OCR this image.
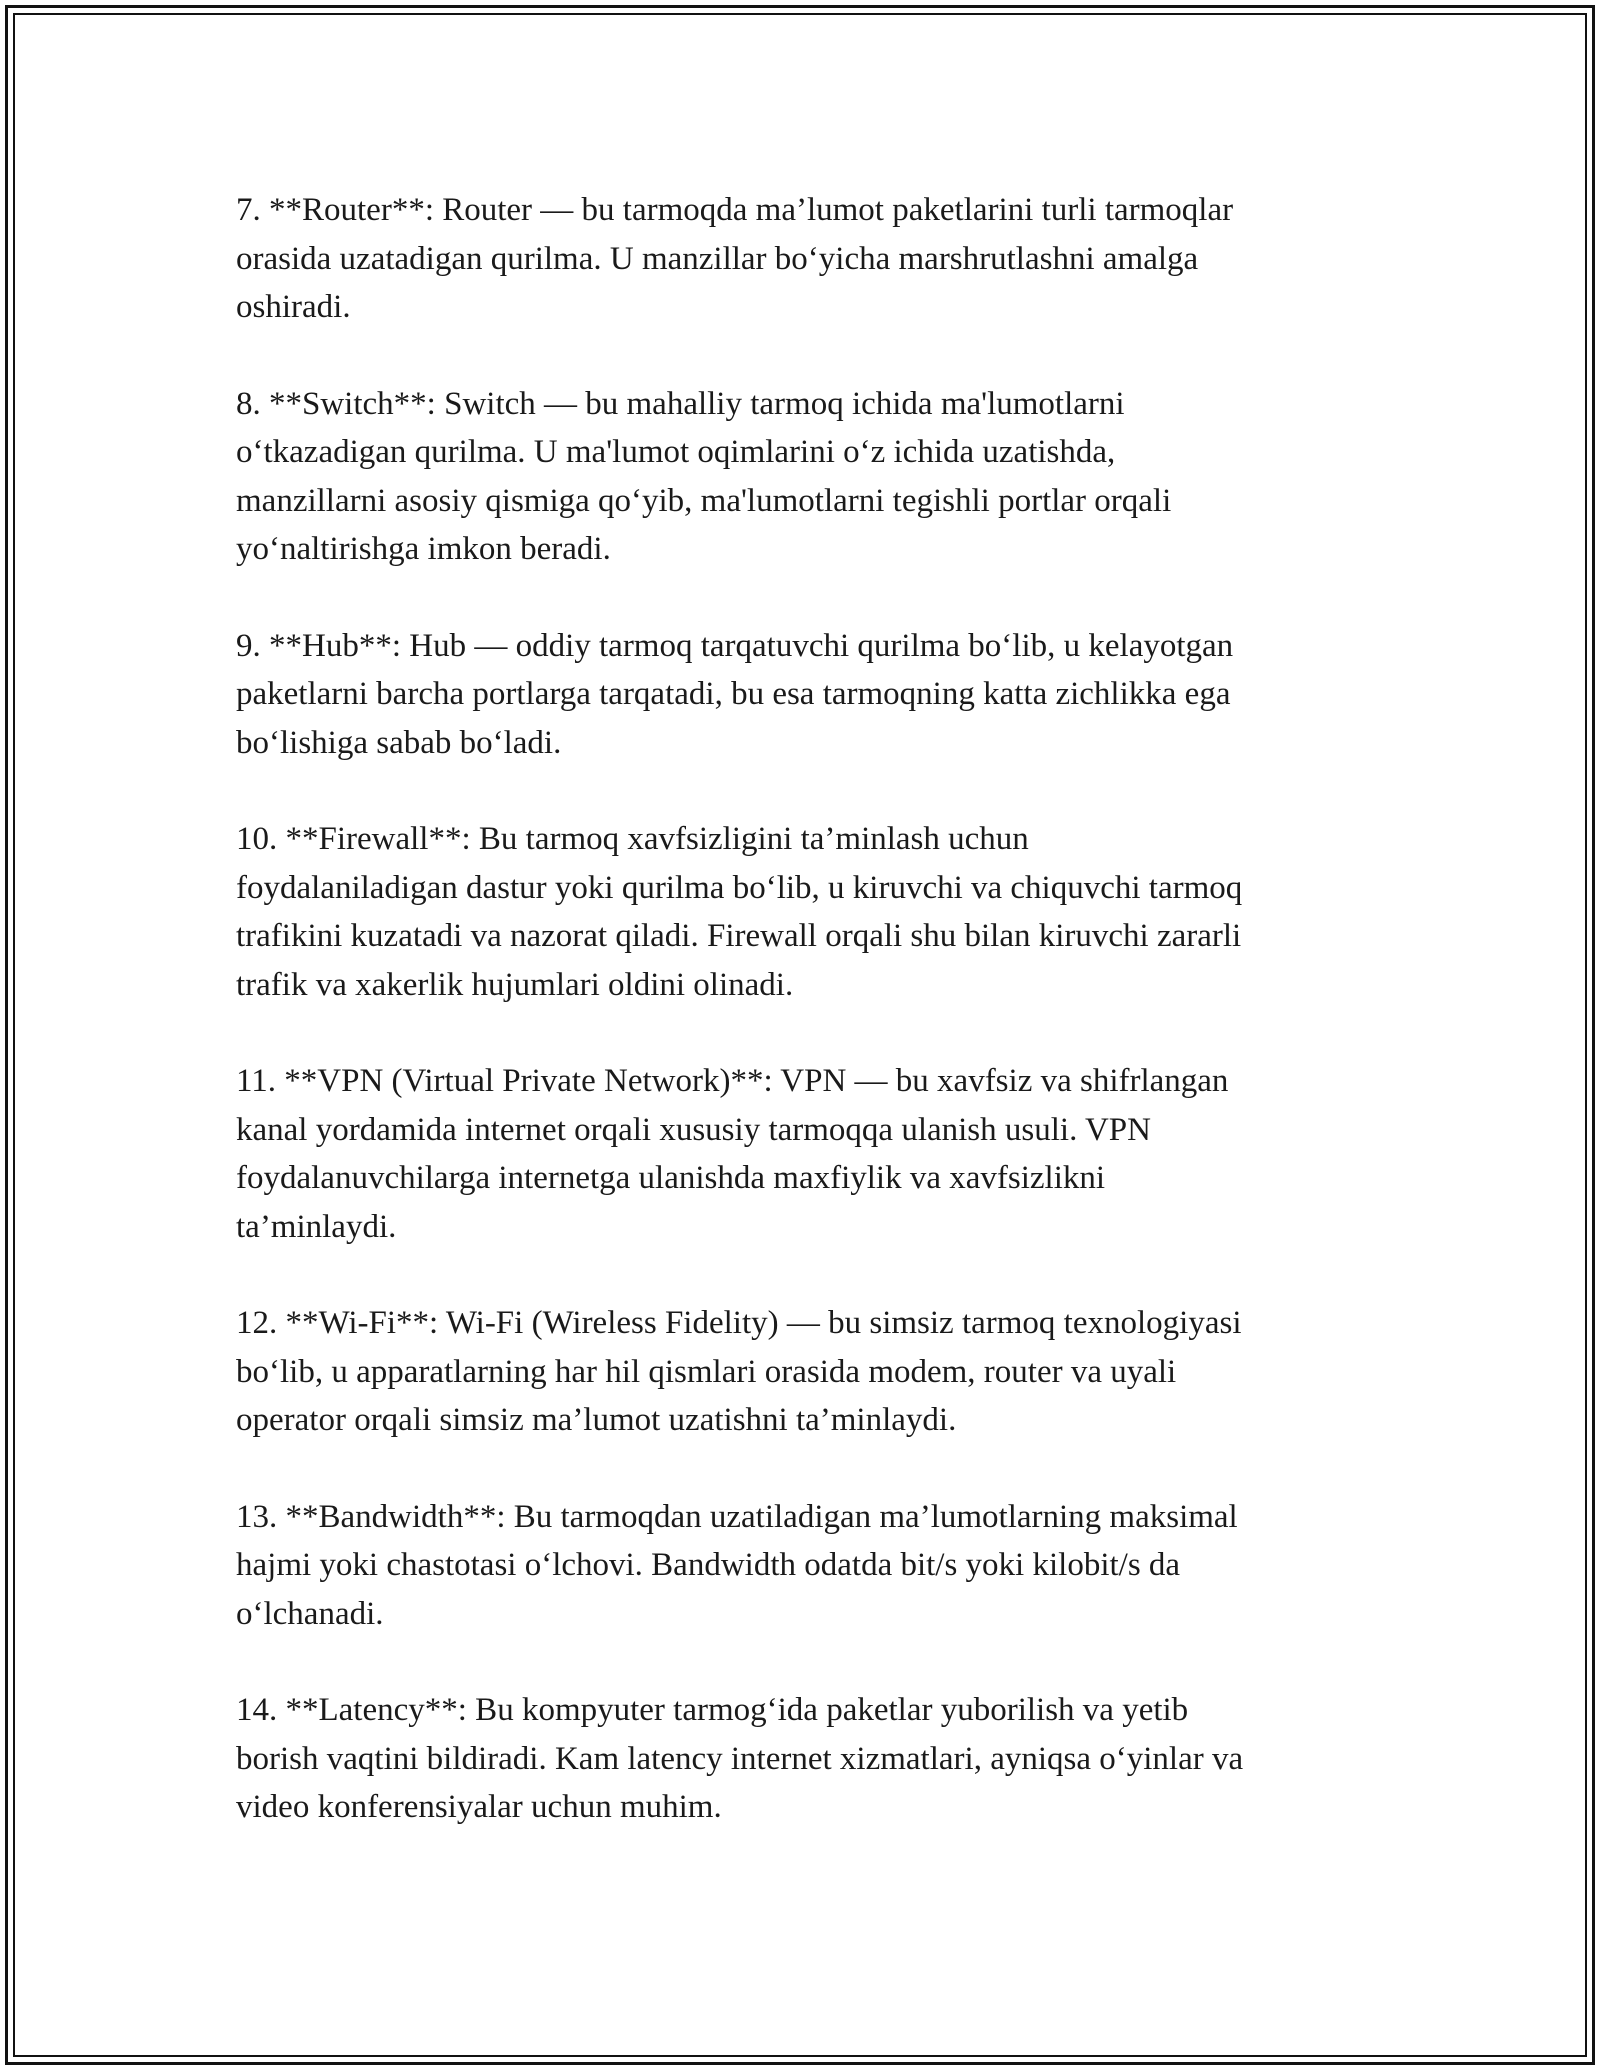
7. **Router**: Router — bu tarmoqda ma’lumot paketlarini turli tarmoqlar
orasida uzatadigan qurilma. U manzillar bo‘yicha marshrutlashni amalga
oshiradi.

8. **Switch**: Switch — bu mahalliy tarmoq ichida ma'lumotlarni
o‘tkazadigan qurilma. U ma'lumot oqimlarini o‘z ichida uzatishda,
manzillarni asosiy qismiga qo‘yib, ma'lumotlarni tegishli portlar orqali
yo‘naltirishga imkon beradi.

9. **Hub**: Hub — oddiy tarmoq tarqatuvchi qurilma bo‘lib, u kelayotgan
paketlarni barcha portlarga tarqatadi, bu esa tarmoqning katta zichlikka ega
bo‘lishiga sabab bo‘ladi.

10. **Firewall**: Bu tarmoq xavfsizligini ta’minlash uchun
foydalaniladigan dastur yoki qurilma bo‘lib, u kiruvchi va chiquvchi tarmoq
trafikini kuzatadi va nazorat qiladi. Firewall orqali shu bilan kiruvchi zararli
trafik va xakerlik hujumlari oldini olinadi.

11. **VPN (Virtual Private Network)**: VPN — bu xavfsiz va shifrlangan
kanal yordamida internet orqali xususiy tarmoqqa ulanish usuli. VPN
foydalanuvchilarga internetga ulanishda maxfiylik va xavfsizlikni
ta’minlaydi.

12. **Wi-Fi**: Wi-Fi (Wireless Fidelity) — bu simsiz tarmoq texnologiyasi
bo‘lib, u apparatlarning har hil qismlari orasida modem, router va uyali
operator orqali simsiz ma’lumot uzatishni ta’minlaydi.

13. **Bandwidth**: Bu tarmoqdan uzatiladigan ma’lumotlarning maksimal
hajmi yoki chastotasi o‘lchovi. Bandwidth odatda bit/s yoki kilobit/s da
o‘lchanadi.

14. **Latency**: Bu kompyuter tarmog‘ida paketlar yuborilish va yetib
borish vaqtini bildiradi. Kam latency internet xizmatlari, ayniqsa o‘yinlar va
video konferensiyalar uchun muhim.
